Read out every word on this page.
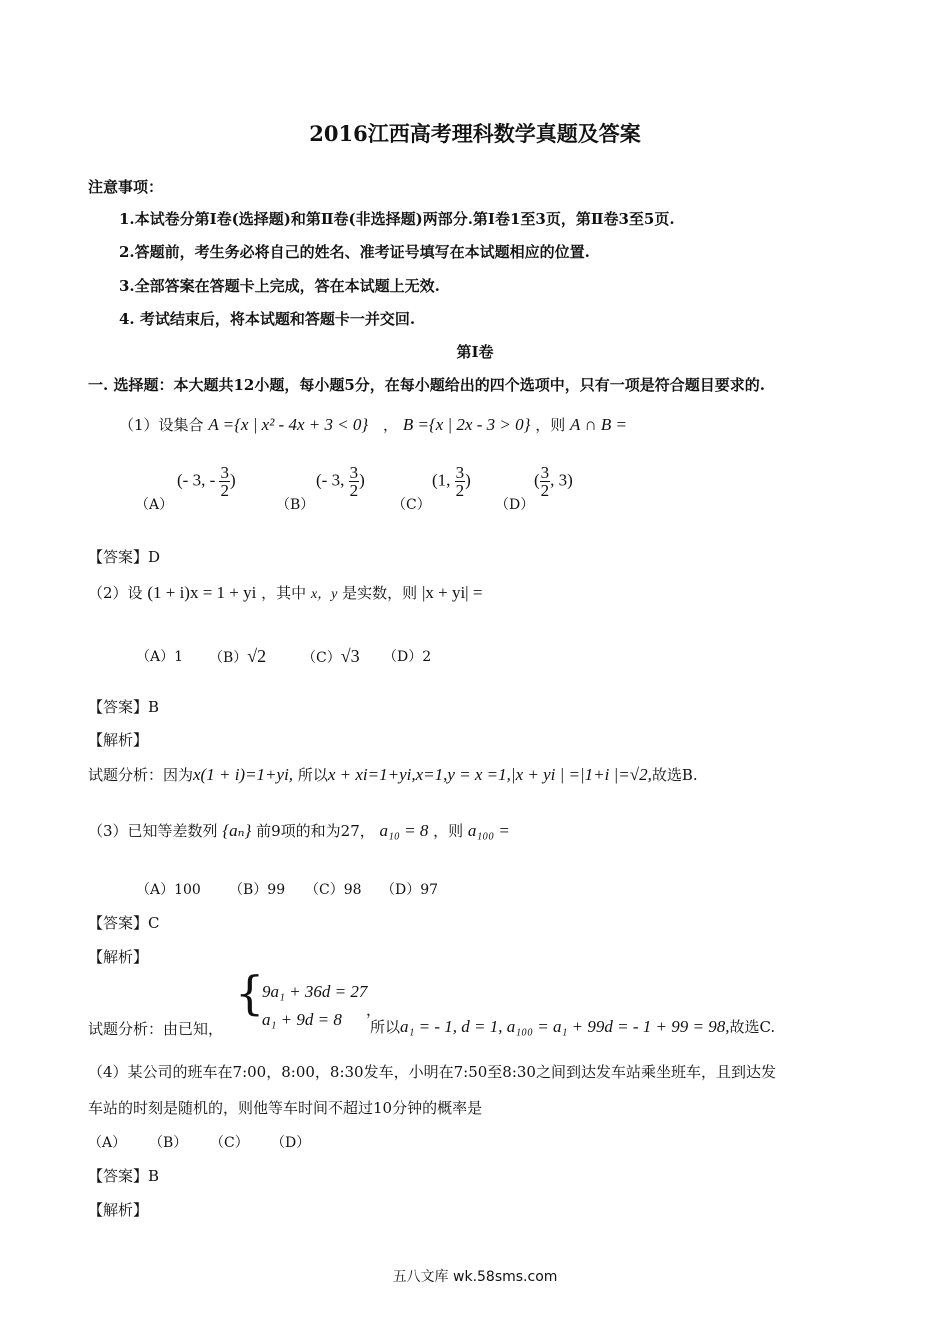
2016江西高考理科数学真题及答案
注意事项：
1.本试卷分第Ⅰ卷(选择题)和第Ⅱ卷(非选择题)两部分.第Ⅰ卷1至3页，第Ⅱ卷3至5页.
2.答题前，考生务必将自己的姓名、准考证号填写在本试题相应的位置.
3.全部答案在答题卡上完成，答在本试题上无效.
4. 考试结束后，将本试题和答题卡一并交回.
第Ⅰ卷
一. 选择题：本大题共12小题，每小题5分，在每小题给出的四个选项中，只有一项是符合题目要求的.
（1）设集合 A ={x | x² - 4x + 3 < 0} ， B ={x | 2x - 3 > 0} ，则 A ∩ B =
（A）
(- 3, - $\frac{3}{2}$ )
（B）
(- 3, $\frac{3}{2}$ )
（C）
(1, $\frac{3}{2}$ )
（D）
( $\frac{3}{2}$ , 3)
【答案】D
（2）设 (1 + i)x = 1 + yi ，其中 x，y 是实数，则 |x + yi| =
（A）1 （B）√2	（C）√3 （D）2
【答案】B
【解析】
试题分析：因为x(1 + i)=1+yi, 所以x + xi=1+yi,x=1,y = x =1,|x + yi | =|1+i |=√2,故选B.
（3）已知等差数列 {aₙ} 前9项的和为27， a₁₀ = 8 ，则 a₁₀₀ =
（A）100 （B）99 （C）98 （D）97
【答案】C
【解析】
试题分析：由已知，
{
9a₁ + 36d = 27
a₁ + 9d = 8 ，
所以a₁ = - 1, d = 1, a₁₀₀ = a₁ + 99d = - 1 + 99 = 98,故选C.
（4）某公司的班车在7:00，8:00，8:30发车，小明在7:50至8:30之间到达发车站乘坐班车，且到达发
车站的时刻是随机的，则他等车时间不超过10分钟的概率是
（A） （B） （C） （D）
【答案】B
【解析】
五八文库 wk.58sms.com
